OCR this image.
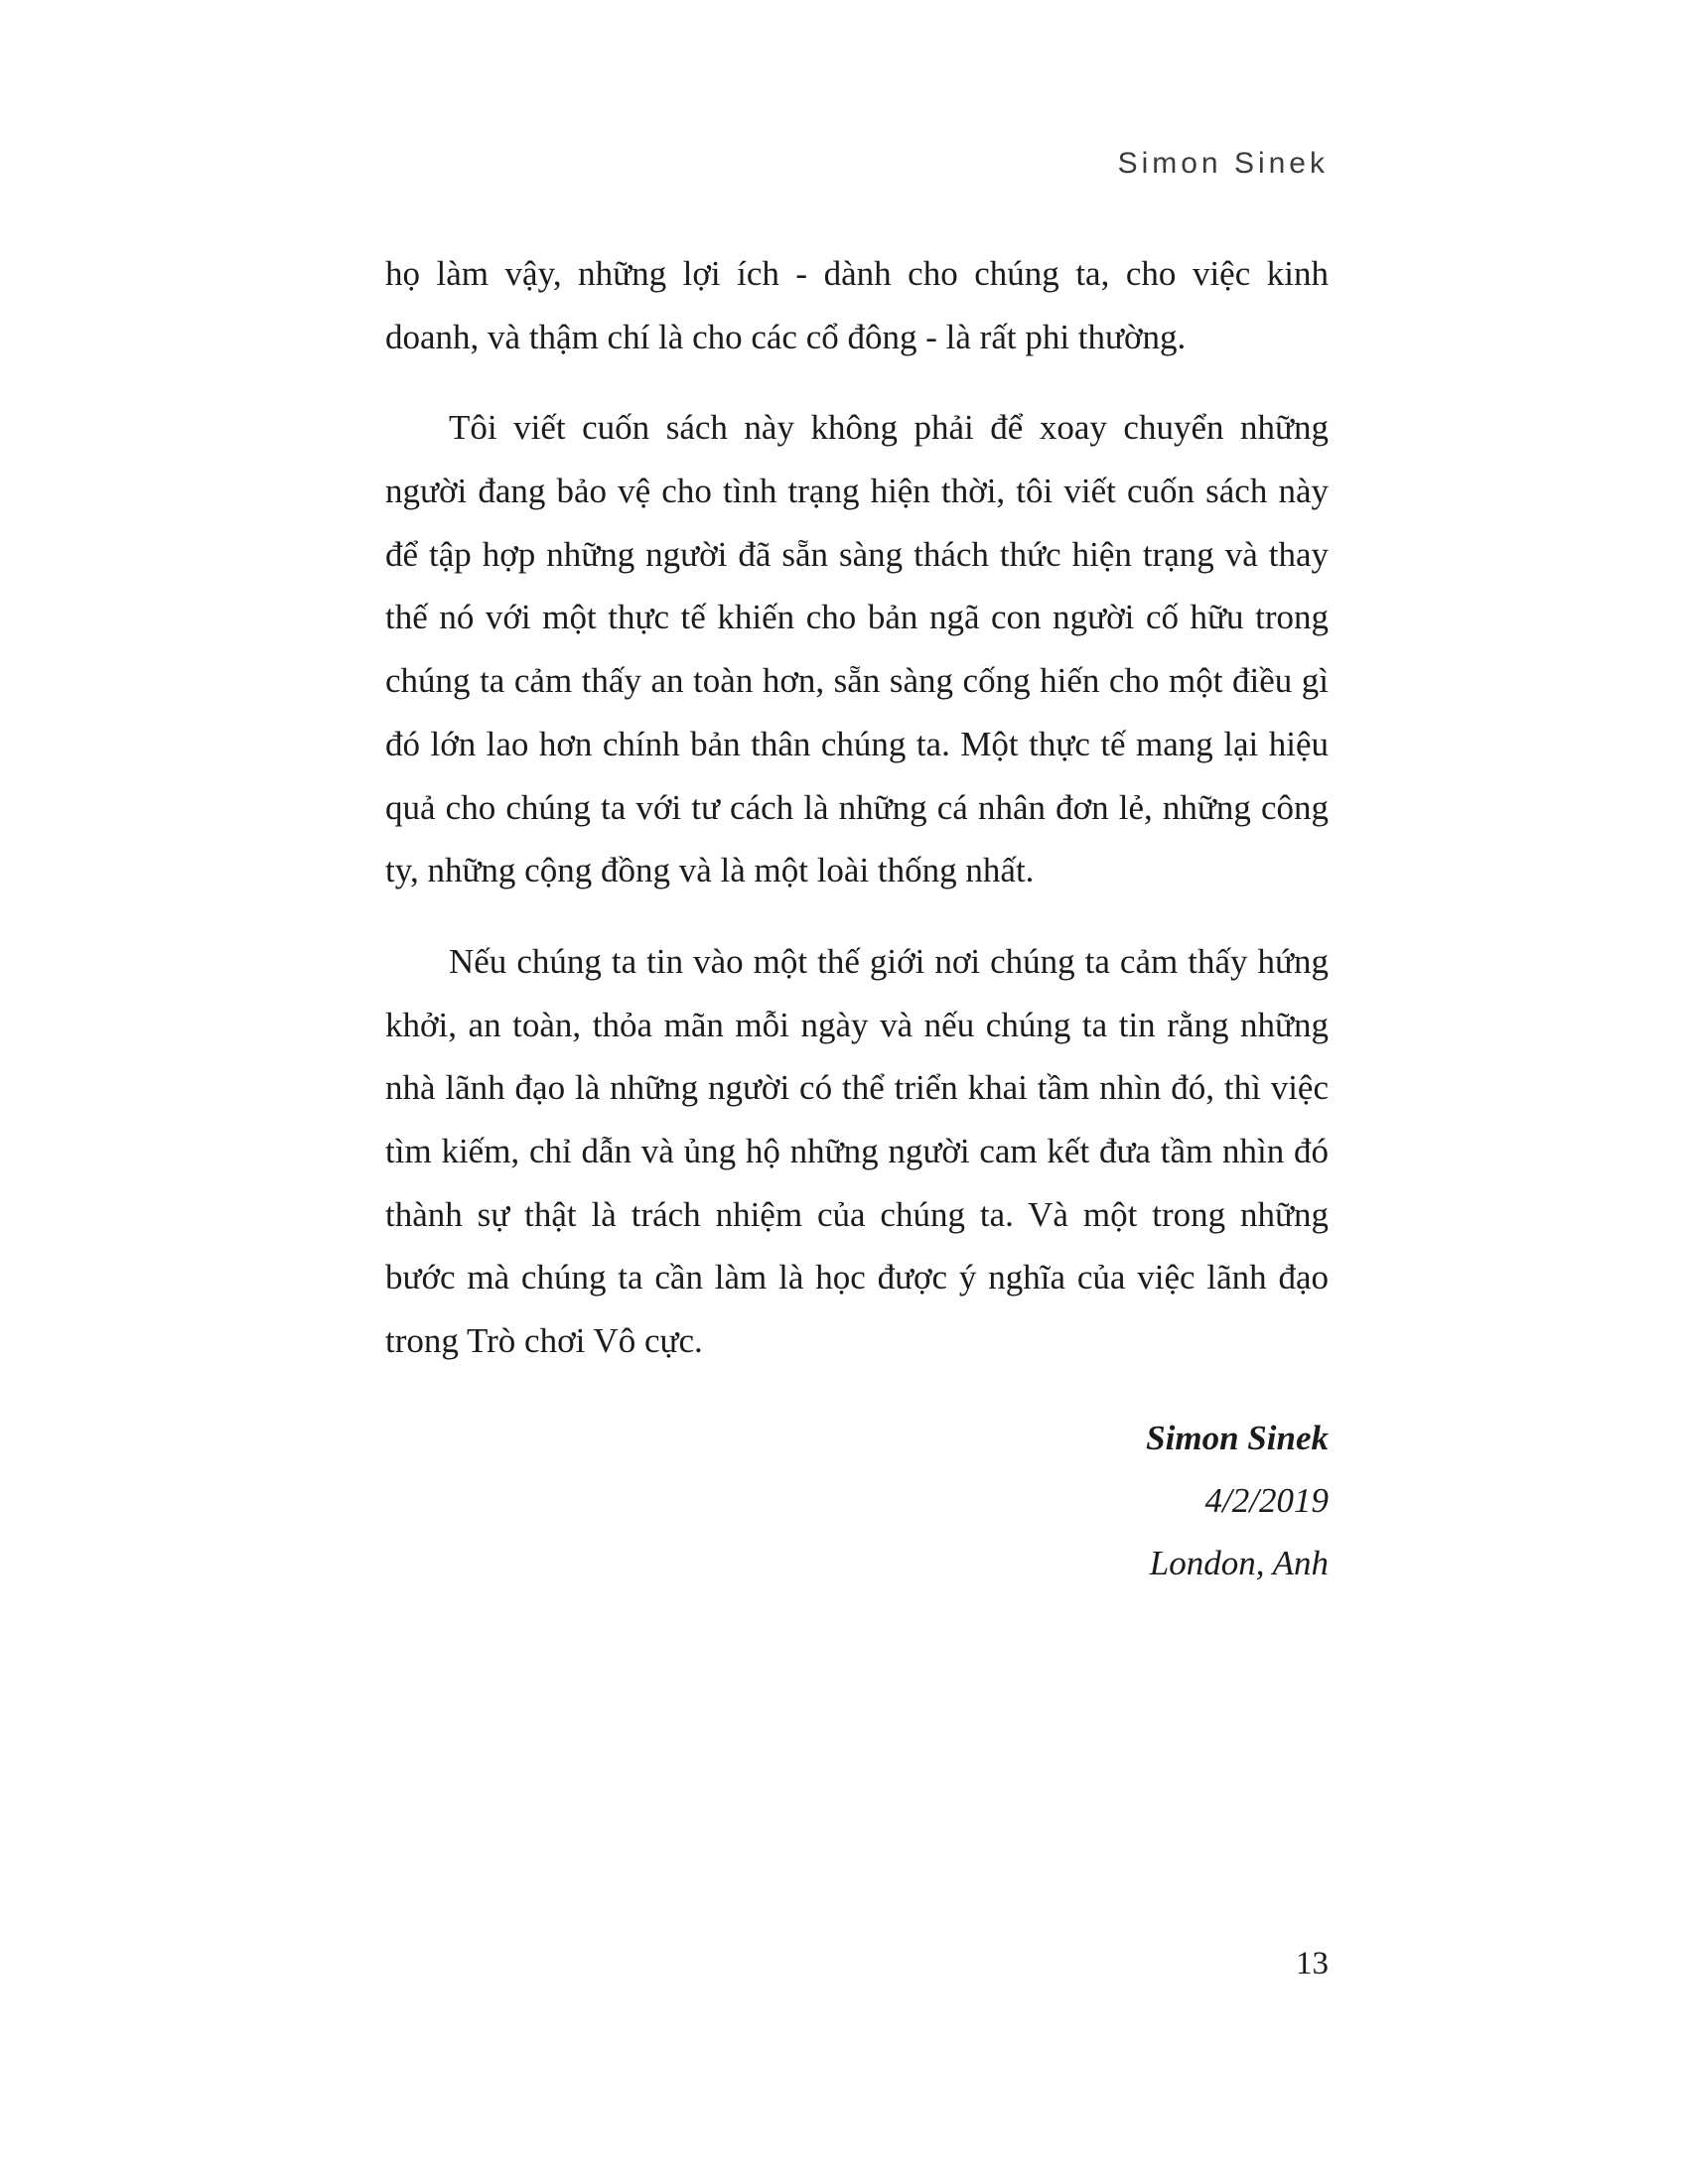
Simon Sinek

họ làm vậy, những lợi ích - dành cho chúng ta, cho việc kinh doanh, và thậm chí là cho các cổ đông - là rất phi thường.

Tôi viết cuốn sách này không phải để xoay chuyển những người đang bảo vệ cho tình trạng hiện thời, tôi viết cuốn sách này để tập hợp những người đã sẵn sàng thách thức hiện trạng và thay thế nó với một thực tế khiến cho bản ngã con người cố hữu trong chúng ta cảm thấy an toàn hơn, sẵn sàng cống hiến cho một điều gì đó lớn lao hơn chính bản thân chúng ta. Một thực tế mang lại hiệu quả cho chúng ta với tư cách là những cá nhân đơn lẻ, những công ty, những cộng đồng và là một loài thống nhất.

Nếu chúng ta tin vào một thế giới nơi chúng ta cảm thấy hứng khởi, an toàn, thỏa mãn mỗi ngày và nếu chúng ta tin rằng những nhà lãnh đạo là những người có thể triển khai tầm nhìn đó, thì việc tìm kiếm, chỉ dẫn và ủng hộ những người cam kết đưa tầm nhìn đó thành sự thật là trách nhiệm của chúng ta. Và một trong những bước mà chúng ta cần làm là học được ý nghĩa của việc lãnh đạo trong Trò chơi Vô cực.

Simon Sinek
4/2/2019
London, Anh
13
